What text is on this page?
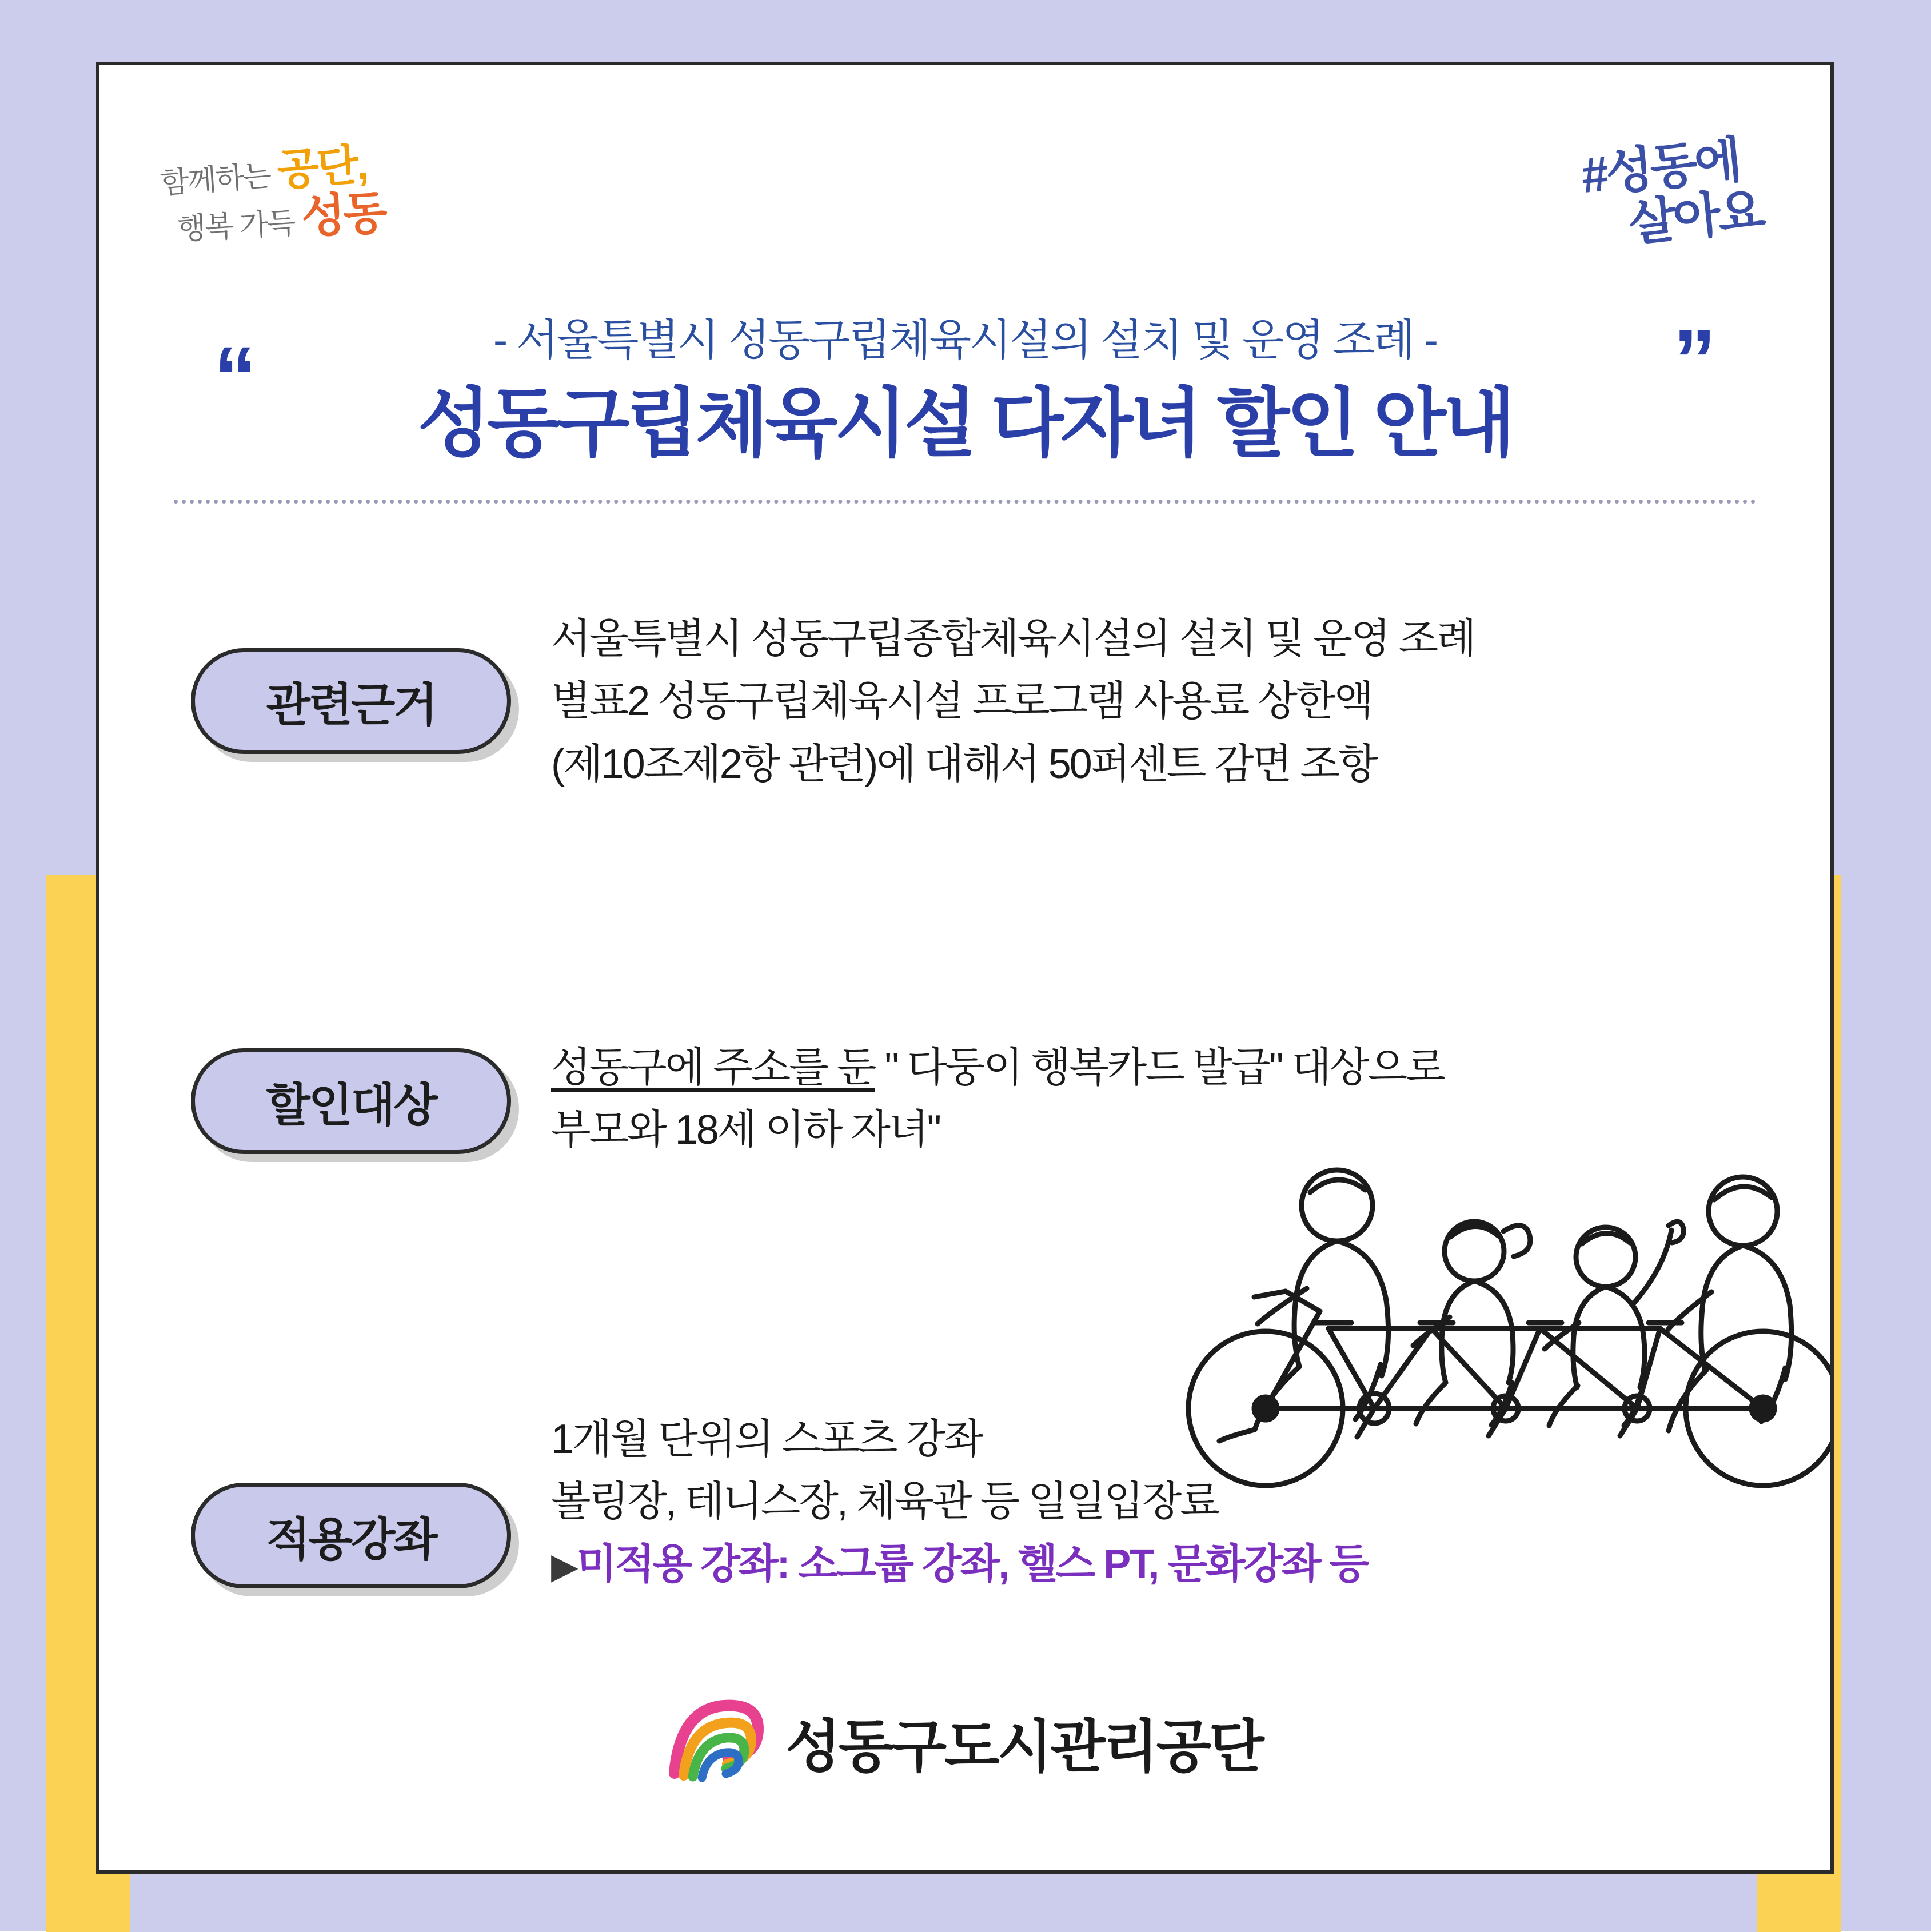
함께하는 공단,
행복 가득 성동
#성동에
살아요
“	”
- 서울특별시 성동구립체육시설의 설치 및 운영 조례 -
성동구립체육시설 다자녀 할인 안내
관련근거
서울특별시 성동구립종합체육시설의 설치 및 운영 조례
별표2 성동구립체육시설 프로그램 사용료 상한액
(제10조제2항 관련)에 대해서 50퍼센트 감면 조항
할인대상
성동구에 주소를 둔 " 다둥이 행복카드 발급" 대상으로
부모와 18세 이하 자녀"
적용강좌
1개월 단위의 스포츠 강좌
볼링장, 테니스장, 체육관 등 일일입장료
▶미적용 강좌: 소그룹 강좌, 헬스 PT, 문화강좌 등
성동구도시관리공단
